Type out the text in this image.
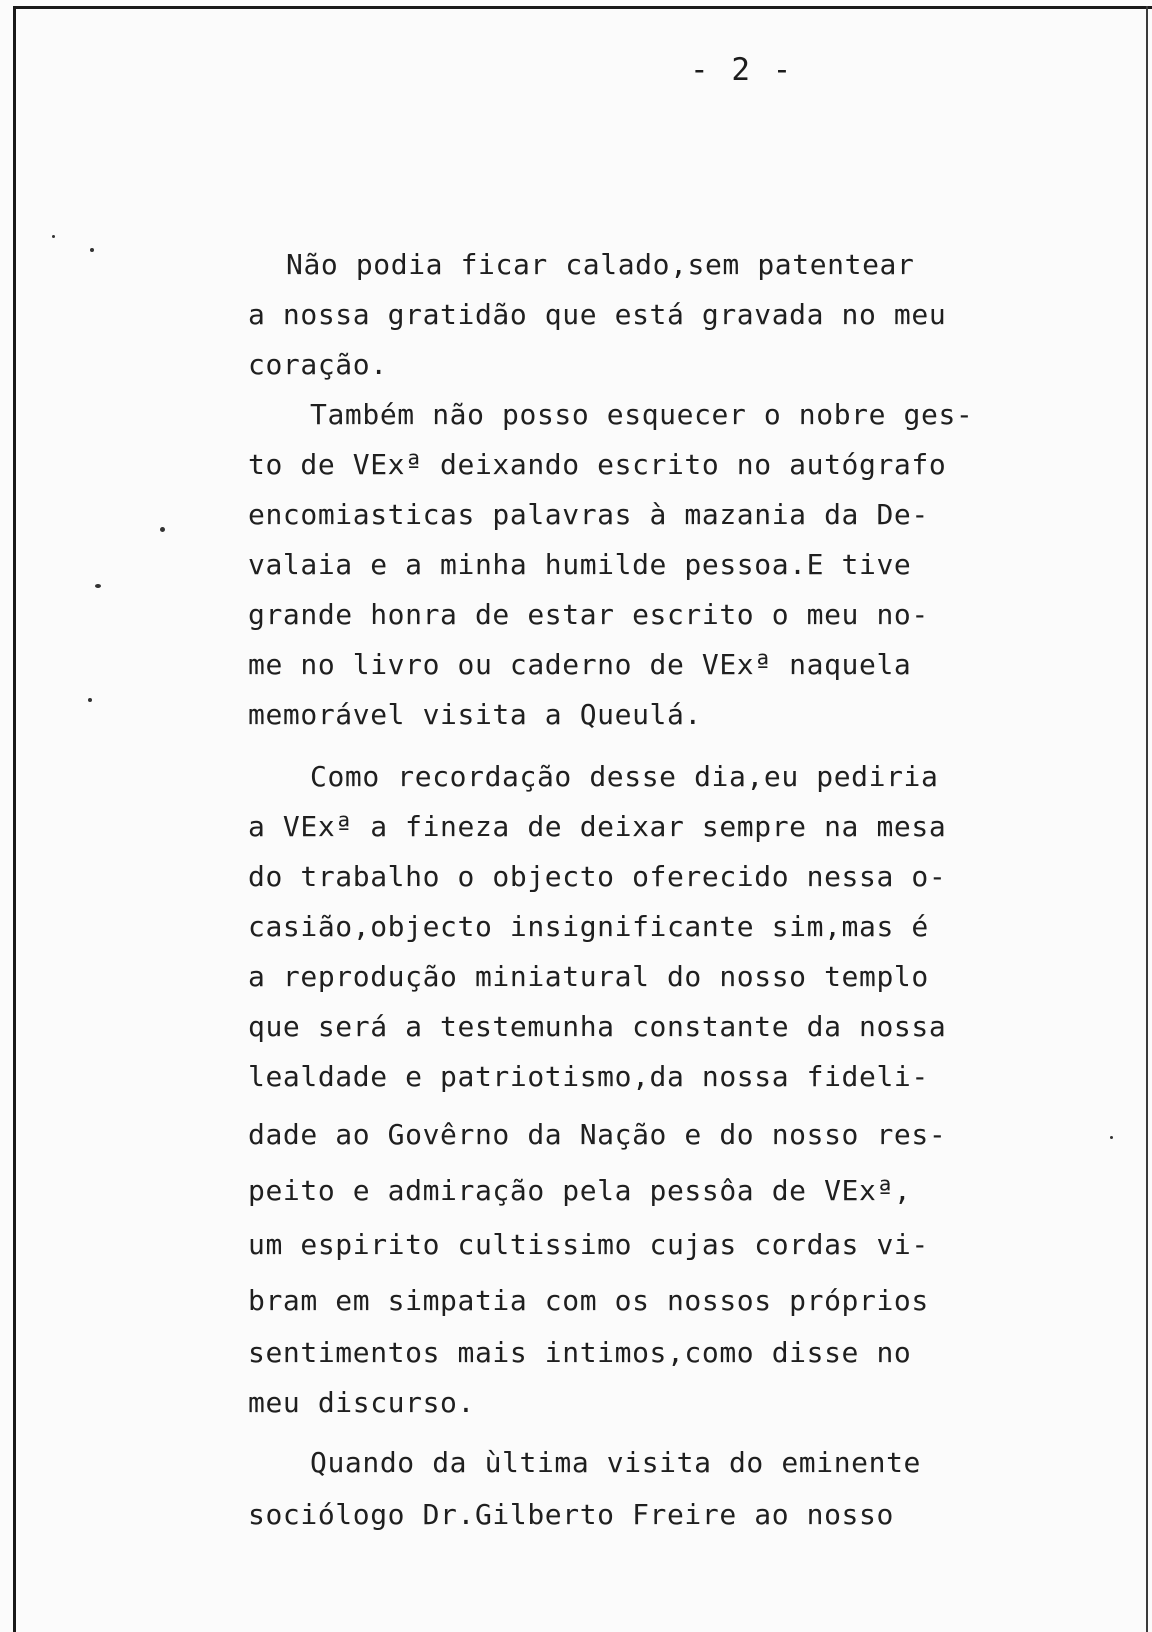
- 2 -
Não podia ficar calado,sem patentear
a nossa gratidão que está gravada no meu
coração.
Também não posso esquecer o nobre ges-
to de VExª deixando escrito no autógrafo
encomiasticas palavras à mazania da De-
valaia e a minha humilde pessoa.E tive
grande honra de estar escrito o meu no-
me no livro ou caderno de VExª naquela
memorável visita a Queulá.
Como recordação desse dia,eu pediria
a VExª a fineza de deixar sempre na mesa
do trabalho o objecto oferecido nessa o-
casião,objecto insignificante sim,mas é
a reprodução miniatural do nosso templo
que será a testemunha constante da nossa
lealdade e patriotismo,da nossa fideli-
dade ao Govêrno da Nação e do nosso res-
peito e admiração pela pessôa de VExª,
um espirito cultissimo cujas cordas vi-
bram em simpatia com os nossos próprios
sentimentos mais intimos,como disse no
meu discurso.
Quando da ùltima visita do eminente
sociólogo Dr.Gilberto Freire ao nosso
